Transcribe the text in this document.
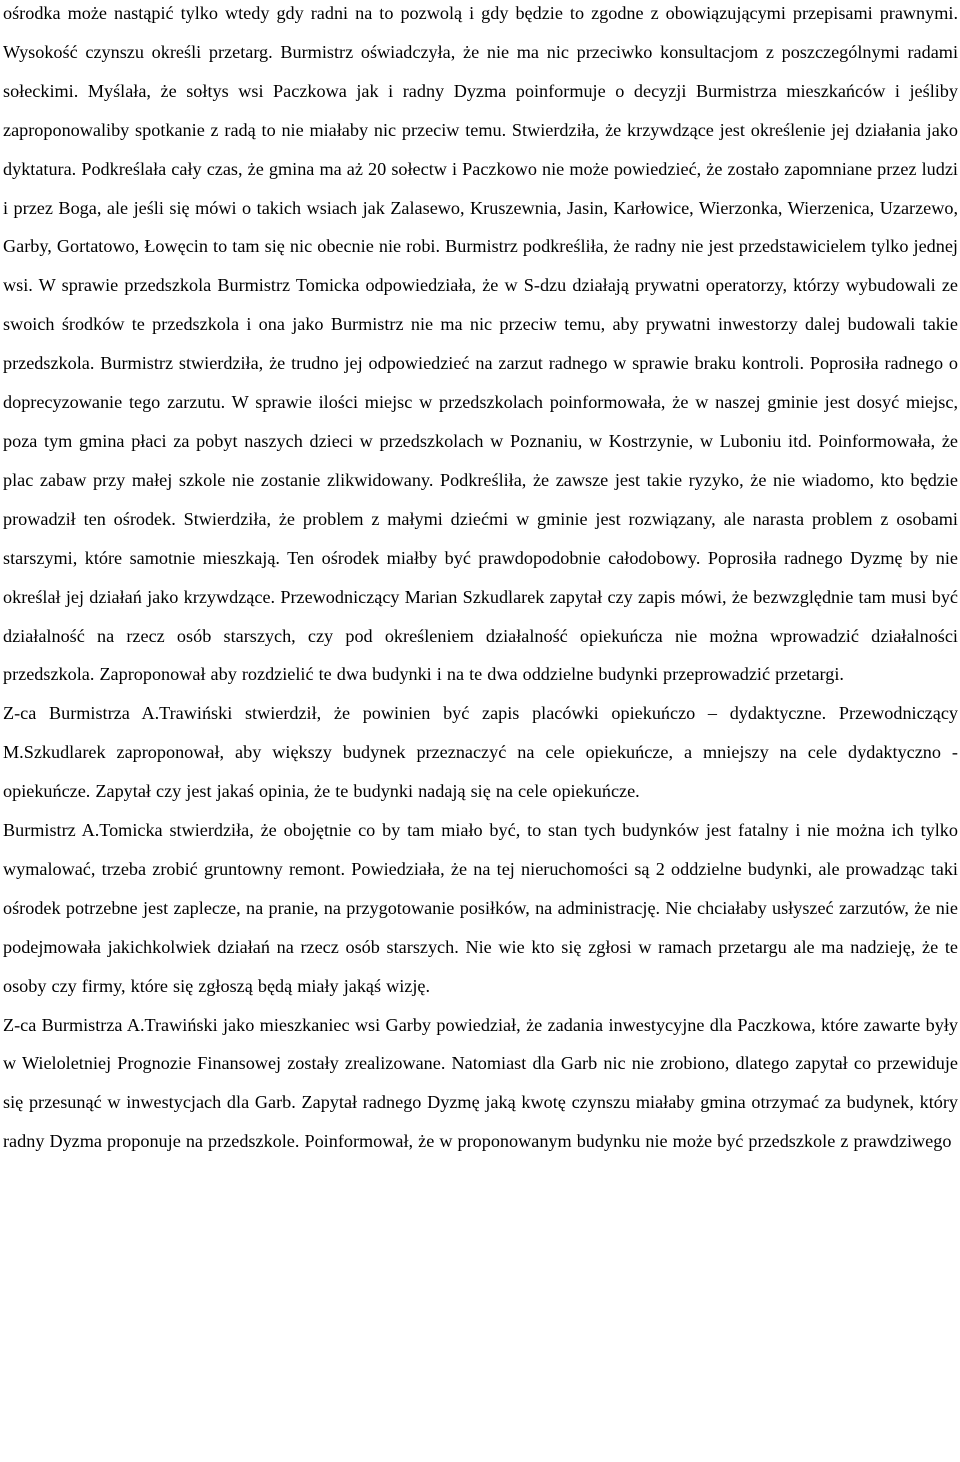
ośrodka może nastąpić tylko wtedy gdy radni na to pozwolą i gdy będzie to zgodne z obowiązującymi przepisami prawnymi. Wysokość czynszu określi przetarg. Burmistrz oświadczyła, że nie ma nic przeciwko konsultacjom z poszczególnymi radami sołeckimi. Myślała, że sołtys wsi Paczkowa jak i radny Dyzma poinformuje o decyzji Burmistrza mieszkańców i jeśliby zaproponowaliby spotkanie z radą to nie miałaby nic przeciw temu. Stwierdziła, że krzywdzące jest określenie jej działania jako dyktatura. Podkreślała cały czas, że gmina ma aż 20 sołectw i Paczkowo nie może powiedzieć, że zostało zapomniane przez ludzi i przez Boga, ale jeśli się mówi o takich wsiach jak Zalasewo, Kruszewnia, Jasin, Karłowice, Wierzonka, Wierzenica, Uzarzewo, Garby, Gortatowo, Łowęcin to tam się nic obecnie nie robi. Burmistrz podkreśliła, że radny nie jest przedstawicielem tylko jednej wsi. W sprawie przedszkola Burmistrz Tomicka odpowiedziała, że w S-dzu działają prywatni operatorzy, którzy wybudowali ze swoich środków te przedszkola i ona jako Burmistrz nie ma nic przeciw temu, aby prywatni inwestorzy dalej budowali takie przedszkola. Burmistrz stwierdziła, że trudno jej odpowiedzieć na zarzut radnego w sprawie braku kontroli. Poprosiła radnego o doprecyzowanie tego zarzutu. W sprawie ilości miejsc w przedszkolach poinformowała, że w naszej gminie jest dosyć miejsc, poza tym gmina płaci za pobyt naszych dzieci w przedszkolach w Poznaniu, w Kostrzynie, w Luboniu itd. Poinformowała, że plac zabaw przy małej szkole nie zostanie zlikwidowany. Podkreśliła, że zawsze jest takie ryzyko, że nie wiadomo, kto będzie prowadził ten ośrodek. Stwierdziła, że problem z małymi dziećmi w gminie jest rozwiązany, ale narasta problem z osobami starszymi, które samotnie mieszkają. Ten ośrodek miałby być prawdopodobnie całodobowy. Poprosiła radnego Dyzmę by nie określał jej działań jako krzywdzące. Przewodniczący Marian Szkudlarek zapytał czy zapis mówi, że bezwzględnie tam musi być działalność na rzecz osób starszych, czy pod określeniem działalność opiekuńcza nie można wprowadzić działalności przedszkola. Zaproponował aby rozdzielić te dwa budynki i na te dwa oddzielne budynki przeprowadzić przetargi.

Z-ca Burmistrza A.Trawiński stwierdził, że powinien być zapis placówki opiekuńczo – dydaktyczne. Przewodniczący M.Szkudlarek zaproponował, aby większy budynek przeznaczyć na cele opiekuńcze, a mniejszy na cele dydaktyczno - opiekuńcze. Zapytał czy jest jakaś opinia, że te budynki nadają się na cele opiekuńcze.

Burmistrz A.Tomicka stwierdziła, że obojętnie co by tam miało być, to stan tych budynków jest fatalny i nie można ich tylko wymalować, trzeba zrobić gruntowny remont. Powiedziała, że na tej nieruchomości są 2 oddzielne budynki, ale prowadząc taki ośrodek potrzebne jest zaplecze, na pranie, na przygotowanie posiłków, na administrację. Nie chciałaby usłyszeć zarzutów, że nie podejmowała jakichkolwiek działań na rzecz osób starszych. Nie wie kto się zgłosi w ramach przetargu ale ma nadzieję, że te osoby czy firmy, które się zgłoszą będą miały jakąś wizję.

Z-ca Burmistrza A.Trawiński jako mieszkaniec wsi Garby powiedział, że zadania inwestycyjne dla Paczkowa, które zawarte były w Wieloletniej Prognozie Finansowej zostały zrealizowane. Natomiast dla Garb nic nie zrobiono, dlatego zapytał co przewiduje się przesunąć w inwestycjach dla Garb. Zapytał radnego Dyzmę jaką kwotę czynszu miałaby gmina otrzymać za budynek, który radny Dyzma proponuje na przedszkole. Poinformował, że w proponowanym budynku nie może być przedszkole z prawdziwego
